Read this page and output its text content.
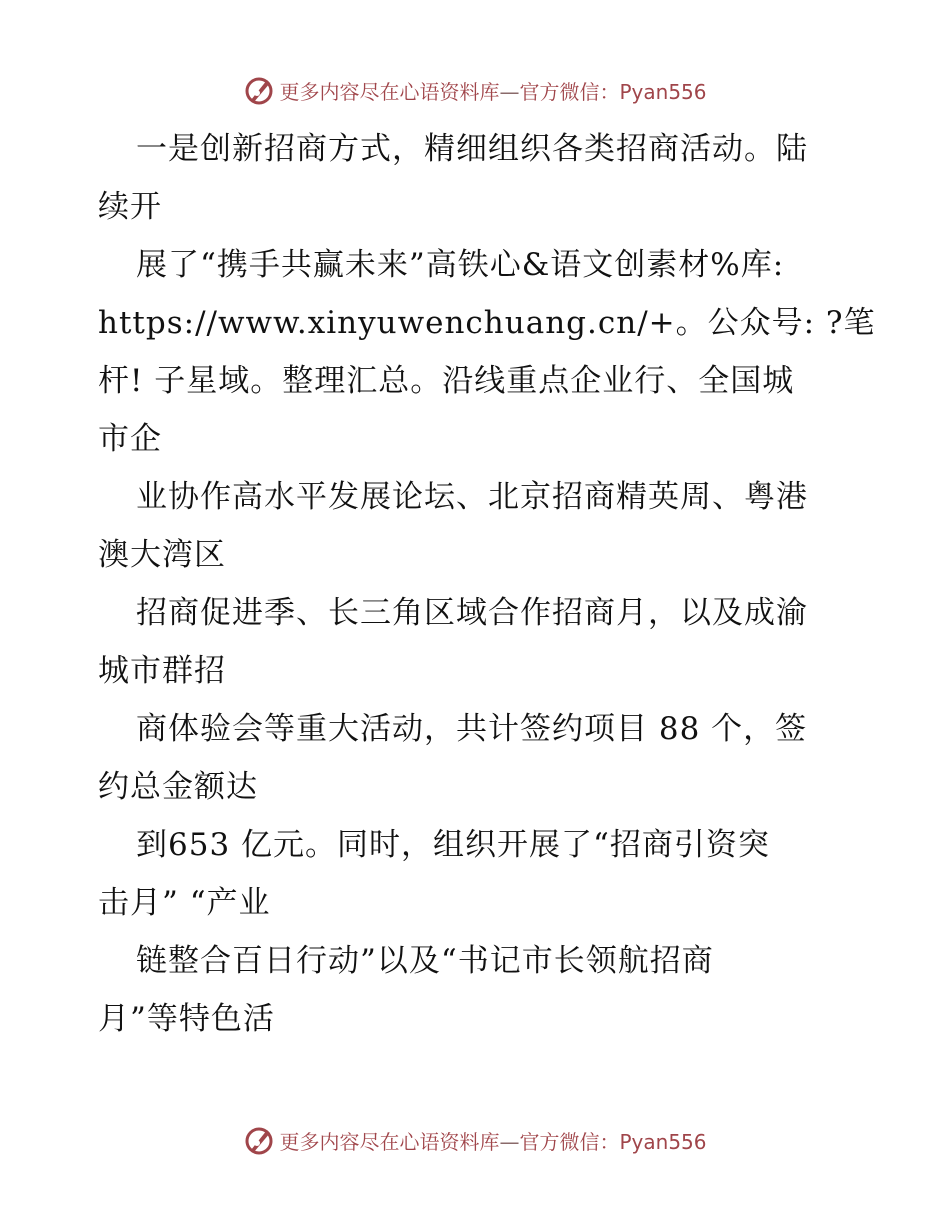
更多内容尽在心语资料库—官方微信：Pyan556
一是创新招商方式，精细组织各类招商活动。陆
续开
展了“携手共赢未来”高铁心&语文创素材%库:
https://www.xinyuwenchuang.cn/+。公众号: ?笔
杆! 子星域。整理汇总。沿线重点企业行、全国城
市企
业协作高水平发展论坛、北京招商精英周、粤港
澳大湾区
招商促进季、长三角区域合作招商月，以及成渝
城市群招
商体验会等重大活动，共计签约项目 88 个，签
约总金额达
到653 亿元。同时，组织开展了“招商引资突
击月” “产业
链整合百日行动”以及“书记市长领航招商
月”等特色活
更多内容尽在心语资料库—官方微信：Pyan556
